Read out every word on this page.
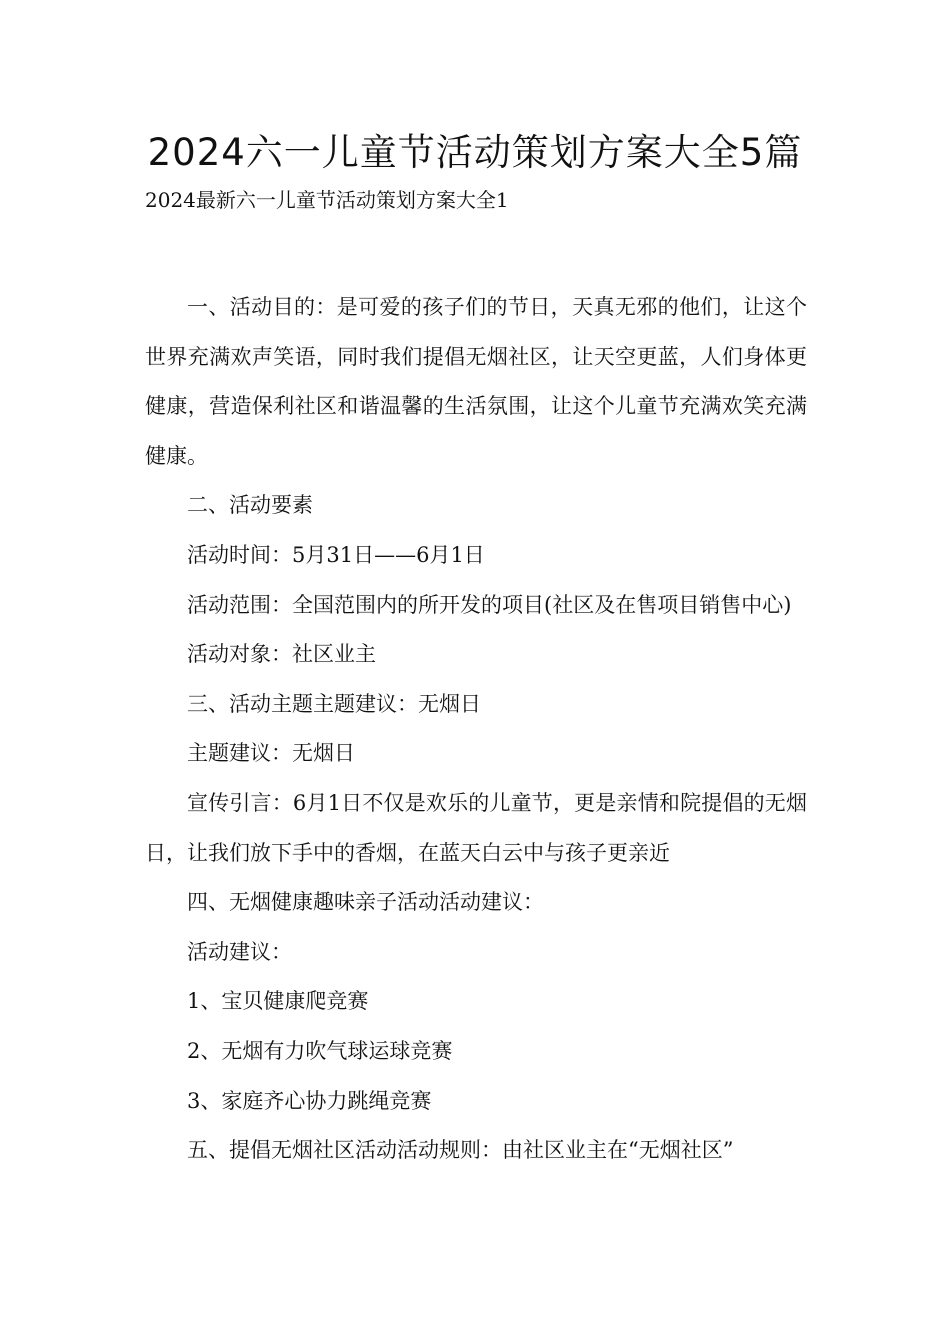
2024六一儿童节活动策划方案大全5篇

2024最新六一儿童节活动策划方案大全1

一、活动目的：是可爱的孩子们的节日，天真无邪的他们，让这个世界充满欢声笑语，同时我们提倡无烟社区，让天空更蓝，人们身体更健康，营造保利社区和谐温馨的生活氛围，让这个儿童节充满欢笑充满健康。

二、活动要素

活动时间：5月31日——6月1日

活动范围：全国范围内的所开发的项目(社区及在售项目销售中心)

活动对象：社区业主

三、活动主题主题建议：无烟日

主题建议：无烟日

宣传引言：6月1日不仅是欢乐的儿童节，更是亲情和院提倡的无烟日，让我们放下手中的香烟，在蓝天白云中与孩子更亲近

四、无烟健康趣味亲子活动活动建议：

活动建议：

1、宝贝健康爬竞赛

2、无烟有力吹气球运球竞赛

3、家庭齐心协力跳绳竞赛

五、提倡无烟社区活动活动规则：由社区业主在“无烟社区”
